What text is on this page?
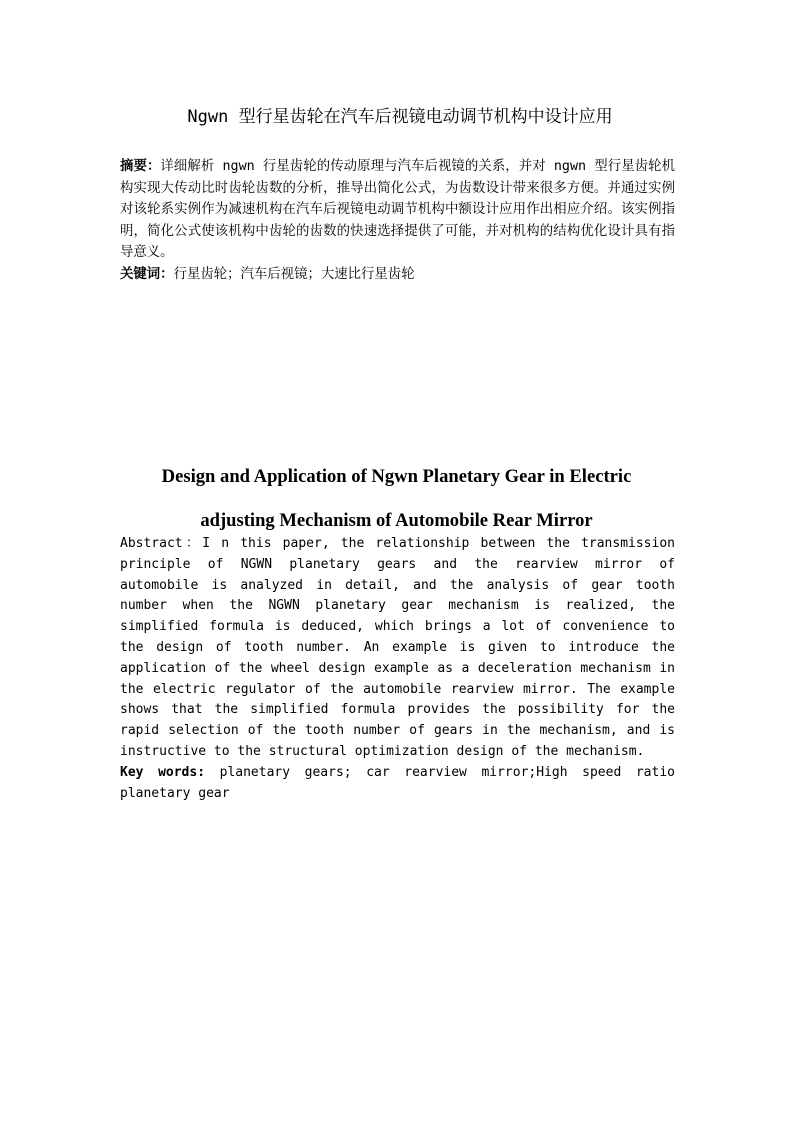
Ngwn 型行星齿轮在汽车后视镜电动调节机构中设计应用

摘要：详细解析 ngwn 行星齿轮的传动原理与汽车后视镜的关系，并对 ngwn 型行星齿轮机构实现大传动比时齿轮齿数的分析，推导出简化公式，为齿数设计带来很多方便。并通过实例对该轮系实例作为减速机构在汽车后视镜电动调节机构中额设计应用作出相应介绍。该实例指明，简化公式使该机构中齿轮的齿数的快速选择提供了可能，并对机构的结构优化设计具有指导意义。

关键词：行星齿轮；汽车后视镜；大速比行星齿轮

Design and Application of Ngwn Planetary Gear in Electric
adjusting Mechanism of Automobile Rear Mirror

Abstract：I n this paper, the relationship between the transmission principle of NGWN planetary gears and the rearview mirror of automobile is analyzed in detail, and the analysis of gear tooth number when the NGWN planetary gear mechanism is realized, the simplified formula is deduced, which brings a lot of convenience to the design of tooth number. An example is given to introduce the application of the wheel design example as a deceleration mechanism in the electric regulator of the automobile rearview mirror. The example shows that the simplified formula provides the possibility for the rapid selection of the tooth number of gears in the mechanism, and is instructive to the structural optimization design of the mechanism.

Key words: planetary gears; car rearview mirror;High speed ratio planetary gear
